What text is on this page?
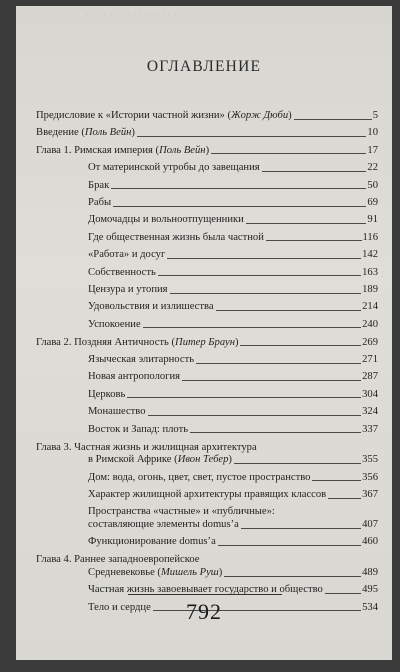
· · · · · · · · · · · · · · · · · ·
ОГЛАВЛЕНИЕ
Предисловие к «Истории частной жизни» (Жорж Дюби)	5
Введение (Поль Вейн)	10
Глава 1. Римская империя (Поль Вейн)	17
От материнской утробы до завещания	22
Брак	50
Рабы	69
Домочадцы и вольноотпущенники	91
Где общественная жизнь была частной	116
«Работа» и досуг	142
Собственность	163
Цензура и утопия	189
Удовольствия и излишества	214
Успокоение	240
Глава 2. Поздняя Античность (Питер Браун)	269
Языческая элитарность	271
Новая антропология	287
Церковь	304
Монашество	324
Восток и Запад: плоть	337
Глава 3. Частная жизнь и жилищная архитектура
в Римской Африке (Ивон Тебер)	355
Дом: вода, огонь, цвет, свет, пустое пространство	356
Характер жилищной архитектуры правящих классов	367
Пространства «частные» и «публичные»:
составляющие элементы domus’a	407
Функционирование domus’a	460
Глава 4. Раннее западноевропейское
Средневековье (Мишель Руш)	489
Частная жизнь завоевывает государство и общество	495
Тело и сердце	534
792
